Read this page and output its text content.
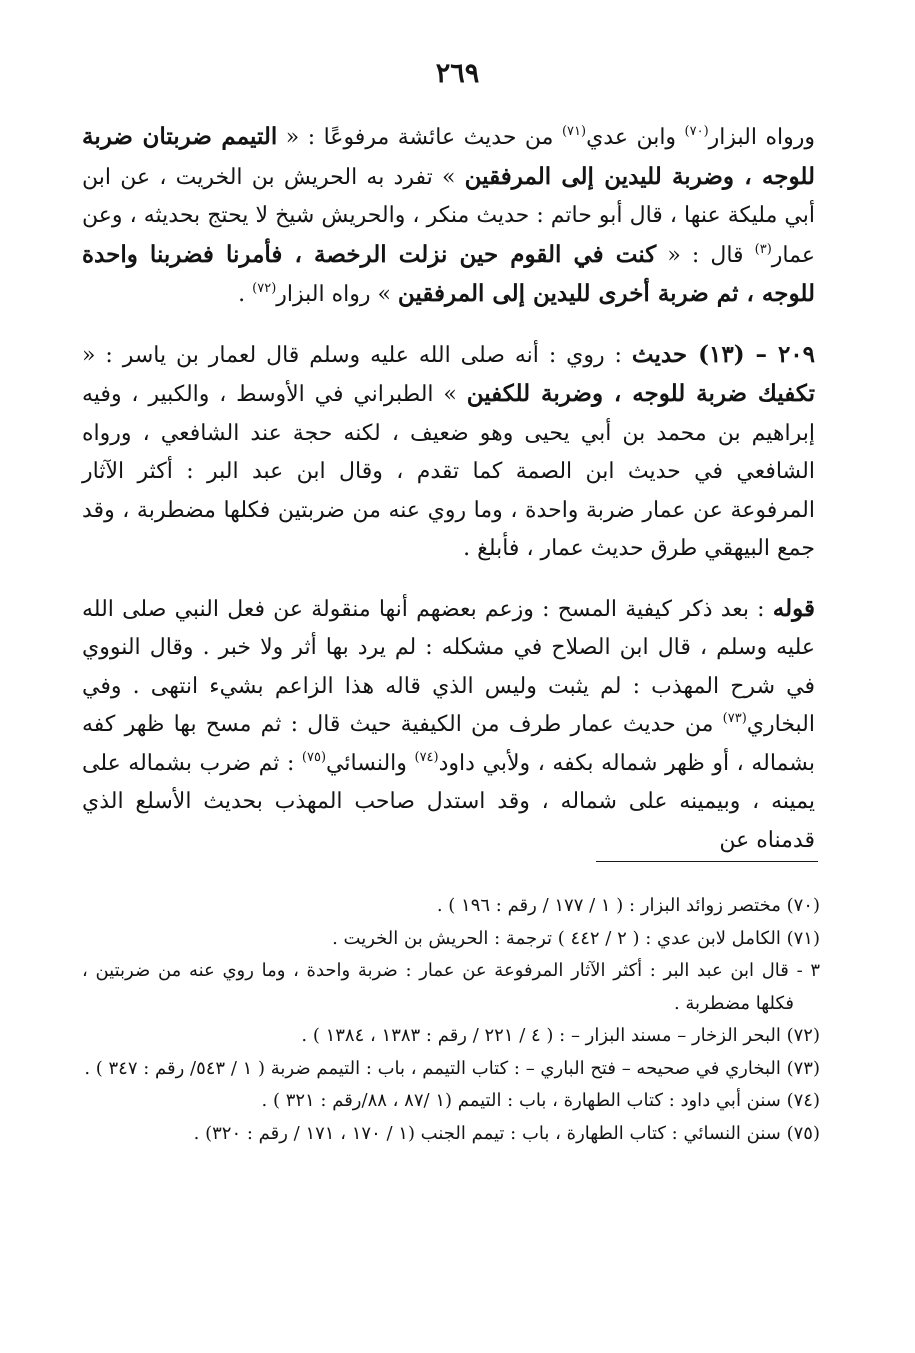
٢٦٩

ورواه البزار$^{(٧٠)}$ وابن عدي$^{(٧١)}$ من حديث عائشة مرفوعًا : « التيمم ضربتان ضربة للوجه ، وضربة لليدين إلى المرفقين » تفرد به الحريش بن الخريت ، عن ابن أبي مليكة عنها ، قال أبو حاتم : حديث منكر ، والحريش شيخ لا يحتج بحديثه ، وعن عمار$^{(٣)}$ قال : « كنت في القوم حين نزلت الرخصة ، فأمرنا فضربنا واحدة للوجه ، ثم ضربة أخرى لليدين إلى المرفقين » رواه البزار$^{(٧٢)}$ .

٢٠٩ – (١٣) حديث : روي : أنه صلى الله عليه وسلم قال لعمار بن ياسر : « تكفيك ضربة للوجه ، وضربة للكفين » الطبراني في الأوسط ، والكبير ، وفيه إبراهيم بن محمد بن أبي يحيى وهو ضعيف ، لكنه حجة عند الشافعي ، ورواه الشافعي في حديث ابن الصمة كما تقدم ، وقال ابن عبد البر : أكثر الآثار المرفوعة عن عمار ضربة واحدة ، وما روي عنه من ضربتين فكلها مضطربة ، وقد جمع البيهقي طرق حديث عمار ، فأبلغ .

قوله : بعد ذكر كيفية المسح : وزعم بعضهم أنها منقولة عن فعل النبي صلى الله عليه وسلم ، قال ابن الصلاح في مشكله : لم يرد بها أثر ولا خبر . وقال النووي في شرح المهذب : لم يثبت وليس الذي قاله هذا الزاعم بشيء انتهى . وفي البخاري$^{(٧٣)}$ من حديث عمار طرف من الكيفية حيث قال : ثم مسح بها ظهر كفه بشماله ، أو ظهر شماله بكفه ، ولأبي داود$^{(٧٤)}$ والنسائي$^{(٧٥)}$ : ثم ضرب بشماله على يمينه ، وبيمينه على شماله ، وقد استدل صاحب المهذب بحديث الأسلع الذي قدمناه عن

(٧٠) مختصر زوائد البزار : ( ١ / ١٧٧ / رقم : ١٩٦ ) .

(٧١) الكامل لابن عدي : ( ٢ / ٤٤٢ ) ترجمة : الحريش بن الخريت .

٣ - قال ابن عبد البر : أكثر الآثار المرفوعة عن عمار : ضربة واحدة ، وما روي عنه من ضربتين ، فكلها مضطربة .

(٧٢) البحر الزخار – مسند البزار – : ( ٤ / ٢٢١ / رقم : ١٣٨٣ ، ١٣٨٤ ) .

(٧٣) البخاري في صحيحه – فتح الباري – : كتاب التيمم ، باب : التيمم ضربة ( ١ / ٥٤٣/ رقم : ٣٤٧ ) .

(٧٤) سنن أبي داود : كتاب الطهارة ، باب : التيمم (١ /٨٧ ، ٨٨/رقم : ٣٢١ ) .

(٧٥) سنن النسائي : كتاب الطهارة ، باب : تيمم الجنب (١ / ١٧٠ ، ١٧١ / رقم : ٣٢٠) .
